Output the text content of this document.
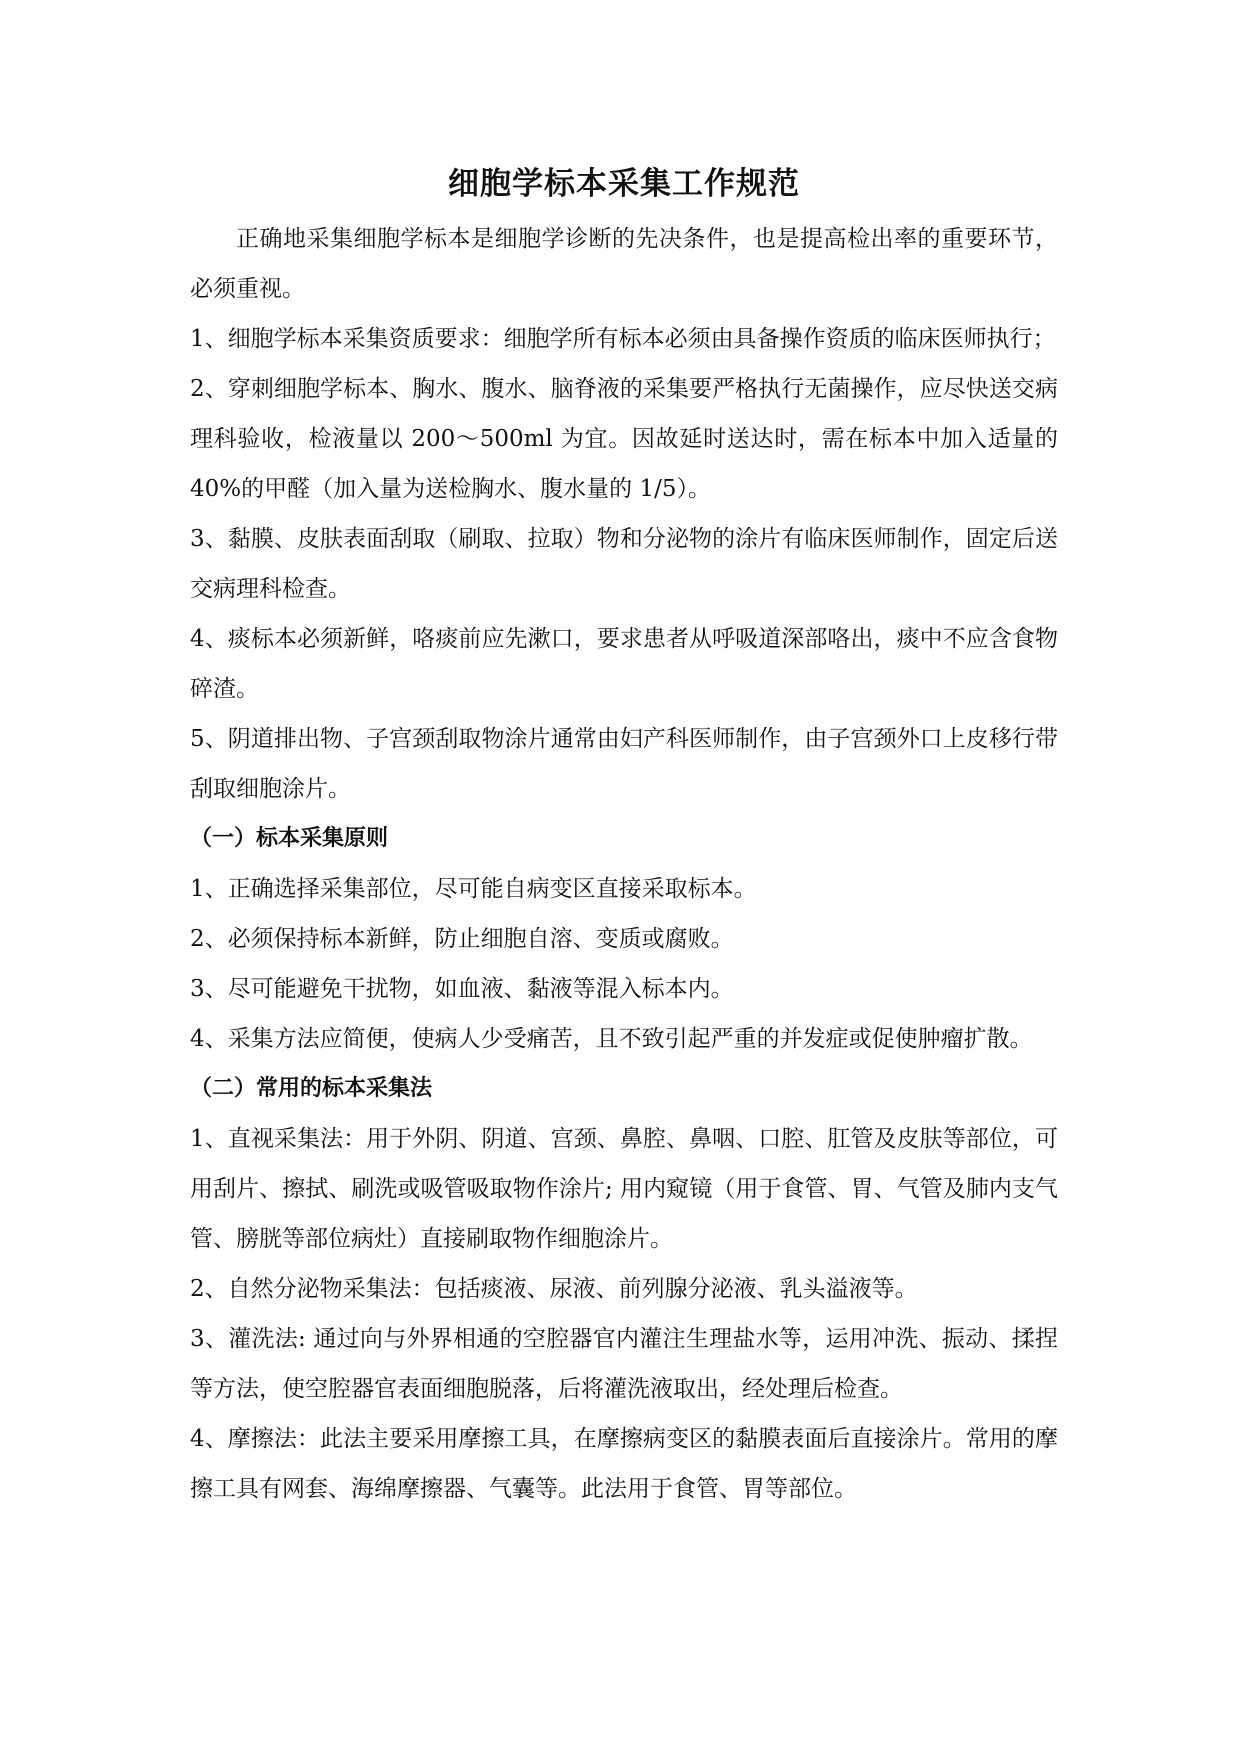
细胞学标本采集工作规范

正确地采集细胞学标本是细胞学诊断的先决条件，也是提高检出率的重要环节，必须重视。

1、细胞学标本采集资质要求：细胞学所有标本必须由具备操作资质的临床医师执行；

2、穿刺细胞学标本、胸水、腹水、脑脊液的采集要严格执行无菌操作，应尽快送交病理科验收，检液量以 200～500ml 为宜。因故延时送达时，需在标本中加入适量的 40%的甲醛（加入量为送检胸水、腹水量的 1/5）。

3、黏膜、皮肤表面刮取（刷取、拉取）物和分泌物的涂片有临床医师制作，固定后送交病理科检查。

4、痰标本必须新鲜，咯痰前应先漱口，要求患者从呼吸道深部咯出，痰中不应含食物碎渣。

5、阴道排出物、子宫颈刮取物涂片通常由妇产科医师制作，由子宫颈外口上皮移行带刮取细胞涂片。

（一）标本采集原则

1、正确选择采集部位，尽可能自病变区直接采取标本。

2、必须保持标本新鲜，防止细胞自溶、变质或腐败。

3、尽可能避免干扰物，如血液、黏液等混入标本内。

4、采集方法应简便，使病人少受痛苦，且不致引起严重的并发症或促使肿瘤扩散。

（二）常用的标本采集法

1、直视采集法：用于外阴、阴道、宫颈、鼻腔、鼻咽、口腔、肛管及皮肤等部位，可用刮片、擦拭、刷洗或吸管吸取物作涂片; 用内窥镜（用于食管、胃、气管及肺内支气管、膀胱等部位病灶）直接刷取物作细胞涂片。

2、自然分泌物采集法：包括痰液、尿液、前列腺分泌液、乳头溢液等。

3、灌洗法: 通过向与外界相通的空腔器官内灌注生理盐水等，运用冲洗、振动、揉捏等方法，使空腔器官表面细胞脱落，后将灌洗液取出，经处理后检查。

4、摩擦法：此法主要采用摩擦工具，在摩擦病变区的黏膜表面后直接涂片。常用的摩擦工具有网套、海绵摩擦器、气囊等。此法用于食管、胃等部位。
